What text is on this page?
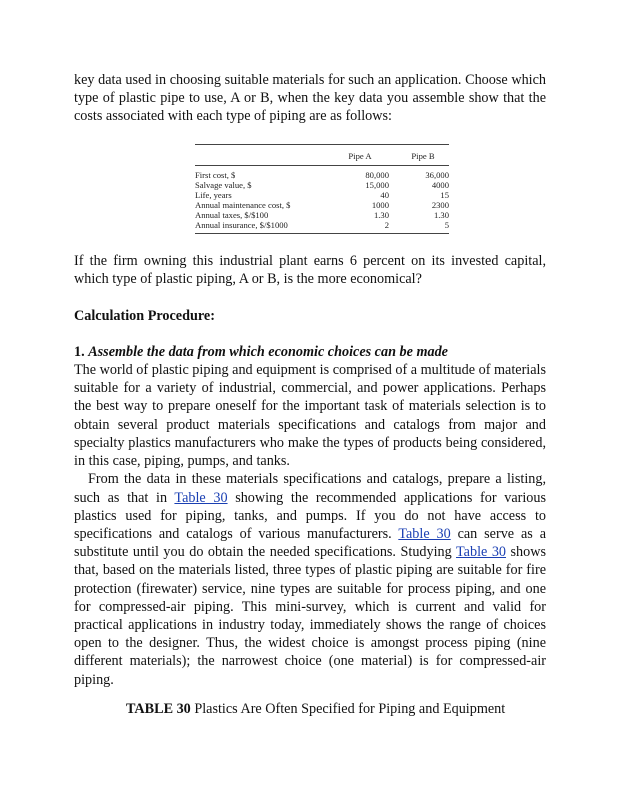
key data used in choosing suitable materials for such an application. Choose which type of plastic pipe to use, A or B, when the key data you assemble show that the costs associated with each type of piping are as follows:

	Pipe A	Pipe B
First cost, $	80,000	36,000
Salvage value, $	15,000	4000
Life, years	40	15
Annual maintenance cost, $	1000	2300
Annual taxes, $/$100	1.30	1.30
Annual insurance, $/$1000	2	5

If the firm owning this industrial plant earns 6 percent on its invested capital, which type of plastic piping, A or B, is the more economical?

Calculation Procedure:

1. Assemble the data from which economic choices can be made

The world of plastic piping and equipment is comprised of a multitude of materials suitable for a variety of industrial, commercial, and power applications. Perhaps the best way to prepare oneself for the important task of materials selection is to obtain several product materials specifications and catalogs from major and specialty plastics manufacturers who make the types of products being considered, in this case, piping, pumps, and tanks.

From the data in these materials specifications and catalogs, prepare a listing, such as that in Table 30 showing the recommended applications for various plastics used for piping, tanks, and pumps. If you do not have access to specifications and catalogs of various manufacturers. Table 30 can serve as a substitute until you do obtain the needed specifications. Studying Table 30 shows that, based on the materials listed, three types of plastic piping are suitable for fire protection (firewater) service, nine types are suitable for process piping, and one for compressed-air piping. This mini-survey, which is current and valid for practical applications in industry today, immediately shows the range of choices open to the designer. Thus, the widest choice is amongst process piping (nine different materials); the narrowest choice (one material) is for compressed-air piping.

TABLE 30 Plastics Are Often Specified for Piping and Equipment
